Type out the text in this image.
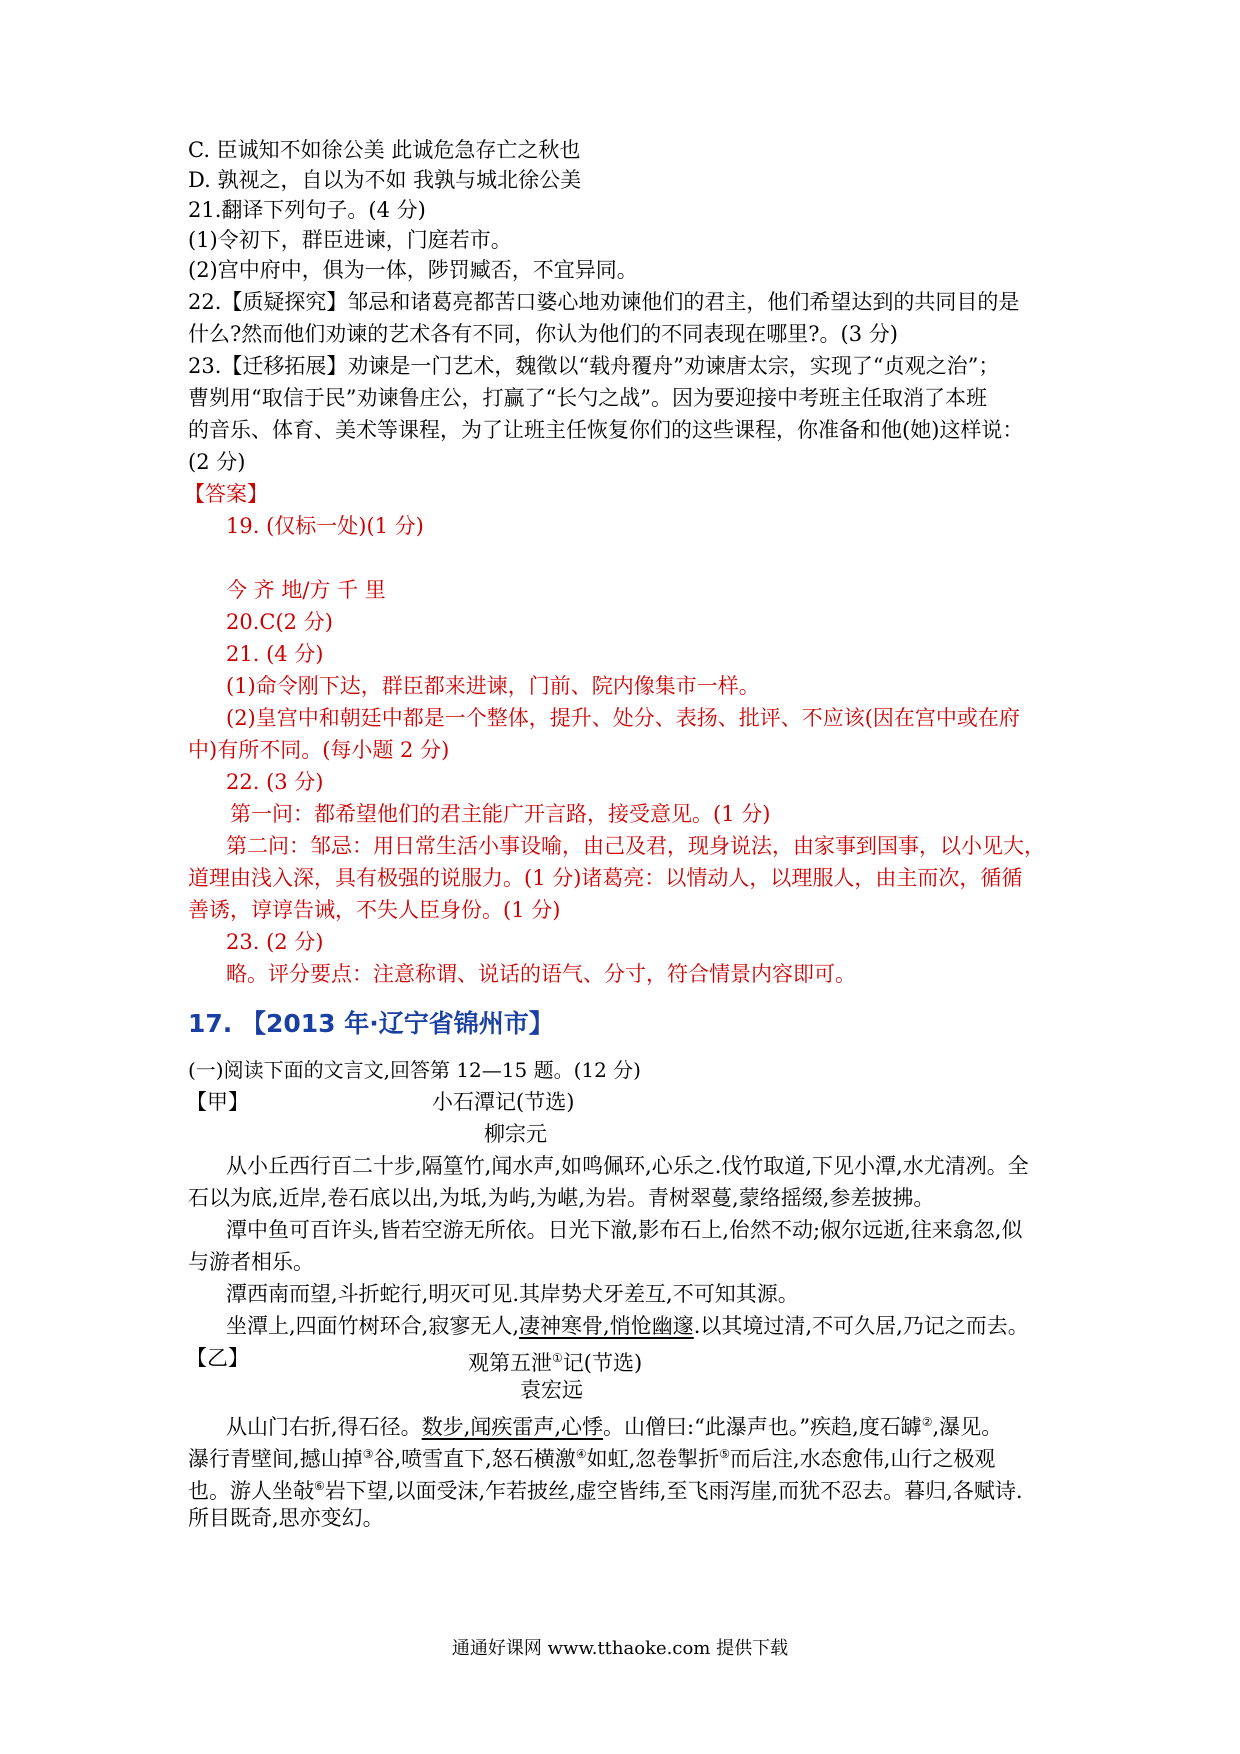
C. 臣诚知不如徐公美 此诚危急存亡之秋也
D. 孰视之，自以为不如 我孰与城北徐公美
21.翻译下列句子。(4 分)
(1)令初下，群臣进谏，门庭若市。
(2)宫中府中，俱为一体，陟罚臧否，不宜异同。
22.【质疑探究】邹忌和诸葛亮都苦口婆心地劝谏他们的君主，他们希望达到的共同目的是
什么?然而他们劝谏的艺术各有不同，你认为他们的不同表现在哪里?。(3 分)
23.【迁移拓展】劝谏是一门艺术，魏徵以“载舟覆舟”劝谏唐太宗，实现了“贞观之治”；
曹刿用“取信于民”劝谏鲁庄公，打赢了“长勺之战”。因为要迎接中考班主任取消了本班
的音乐、体育、美术等课程，为了让班主任恢复你们的这些课程，你准备和他(她)这样说：
(2 分)
【答案】
19. (仅标一处)(1 分)
今 齐 地/方 千 里
20.C(2 分)
21. (4 分)
(1)命令刚下达，群臣都来进谏，门前、院内像集市一样。
(2)皇宫中和朝廷中都是一个整体，提升、处分、表扬、批评、不应该(因在宫中或在府
中)有所不同。(每小题 2 分)
22. (3 分)
第一问：都希望他们的君主能广开言路，接受意见。(1 分)
第二问：邹忌：用日常生活小事设喻，由己及君，现身说法，由家事到国事，以小见大，
道理由浅入深，具有极强的说服力。(1 分)诸葛亮：以情动人，以理服人，由主而次，循循
善诱，谆谆告诫，不失人臣身份。(1 分)
23. (2 分)
略。评分要点：注意称谓、说话的语气、分寸，符合情景内容即可。
17. 【2013 年·辽宁省锦州市】
(一)阅读下面的文言文,回答第 12—15 题。(12 分)
【甲】	小石潭记(节选)
柳宗元
从小丘西行百二十步,隔篁竹,闻水声,如鸣佩环,心乐之.伐竹取道,下见小潭,水尤清冽。全
石以为底,近岸,卷石底以出,为坻,为屿,为嵁,为岩。青树翠蔓,蒙络摇缀,参差披拂。
潭中鱼可百许头,皆若空游无所依。日光下澈,影布石上,佁然不动;俶尔远逝,往来翕忽,似
与游者相乐。
潭西南而望,斗折蛇行,明灭可见.其岸势犬牙差互,不可知其源。
坐潭上,四面竹树环合,寂寥无人,凄神寒骨,悄怆幽邃.以其境过清,不可久居,乃记之而去。
【乙】	观第五泄①记(节选)
袁宏远
从山门右折,得石径。数步,闻疾雷声,心悸。山僧曰:“此瀑声也。”疾趋,度石罅②,瀑见。
瀑行青壁间,撼山掉③谷,喷雪直下,怒石横激④如虹,忽卷掣折⑤而后注,水态愈伟,山行之极观
也。游人坐敧⑥岩下望,以面受沫,乍若披丝,虚空皆纬,至飞雨泻崖,而犹不忍去。暮归,各赋诗.
所目既奇,思亦变幻。
通通好课网 www.tthaoke.com 提供下载
